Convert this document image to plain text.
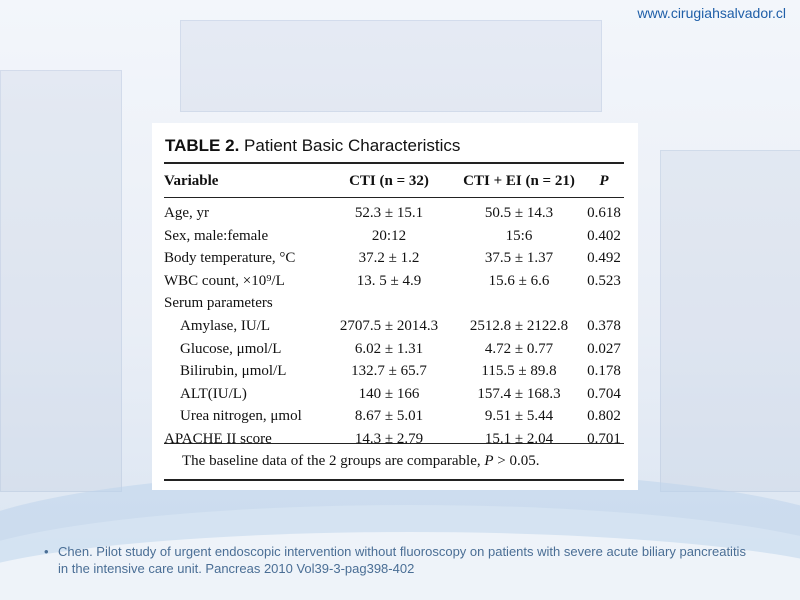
www.cirugiahsalvador.cl
TABLE 2. Patient Basic Characteristics
Variable	CTI (n = 32)	CTI + EI (n = 21)	P
Age, yr	52.3 ± 15.1	50.5 ± 14.3	0.618
Sex, male:female	20:12	15:6	0.402
Body temperature, °C	37.2 ± 1.2	37.5 ± 1.37	0.492
WBC count, ×10⁹/L	13. 5 ± 4.9	15.6 ± 6.6	0.523
Serum parameters
Amylase, IU/L	2707.5 ± 2014.3	2512.8 ± 2122.8	0.378
Glucose, μmol/L	6.02 ± 1.31	4.72 ± 0.77	0.027
Bilirubin, μmol/L	132.7 ± 65.7	115.5 ± 89.8	0.178
ALT(IU/L)	140 ± 166	157.4 ± 168.3	0.704
Urea nitrogen, μmol	8.67 ± 5.01	9.51 ± 5.44	0.802
APACHE II score	14.3 ± 2.79	15.1 ± 2.04	0.701
The baseline data of the 2 groups are comparable, P > 0.05.
• Chen. Pilot study of urgent endoscopic intervention without fluoroscopy on patients with severe acute biliary pancreatitis in the intensive care unit. Pancreas 2010 Vol39-3-pag398-402
